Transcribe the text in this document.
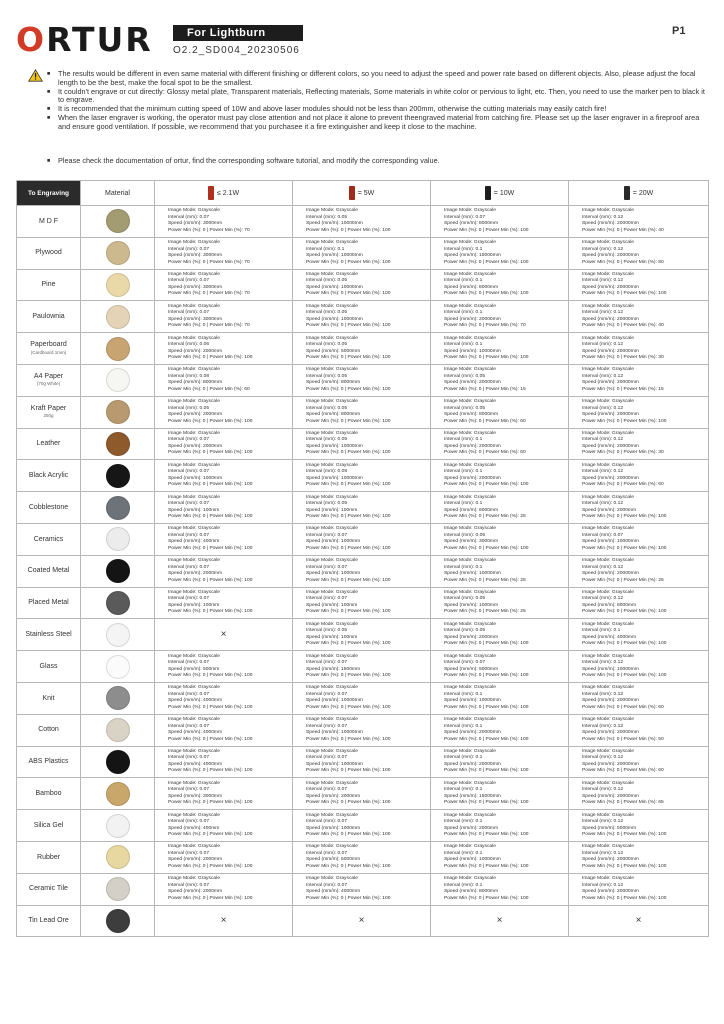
ORTUR	For Lightburn
O2.2_SD004_20230506
P1
■ The results would be different in even same material with different finishing or different colors, so you need to adjust the speed and power rate based on different objects. Also, please adjust the focal length to be the best, make the focal spot to be the smallest.
■ It couldn't engrave or cut directly: Glossy metal plate, Transparent materials, Reflecting materials, Some materials in white color or pervious to light, etc. Then, you need to use the marker pen to black it to engrave.
■ It is recommended that the minimum cutting speed of 10W and above laser modules should not be less than 200mm, otherwise the cutting materials may easily catch fire!
■ When the laser engraver is working, the operator must pay close attention and not place it alone to prevent theengraved material from catching fire. Please set up the laser engraver in a fireproof area and ensure good ventilation. If possible, we recommend that you purchasee it a fire extinguisher and keep it close to the machine.
■ Please check the documentation of ortur, find the corresponding software tutorial, and modify the corresponding value.
To Engraving	Material	≤ 2.1W	= 5W	= 10W	= 20W

M D F		Image Mode: Grayscale
Interval (mm): 0.07
Speed (mm/m): 3000mm
Power Min (%): 0 | Power Min (%): 70	Image Mode: Grayscale
Interval (mm): 0.05
Speed (mm/m): 10000mm
Power Min (%): 0 | Power Min (%): 100	Image Mode: Grayscale
Interval (mm): 0.07
Speed (mm/m): 8000mm
Power Min (%): 0 | Power Min (%): 100	Image Mode: Grayscale
Interval (mm): 0.12
Speed (mm/m): 20000mm
Power Min (%): 0 | Power Min (%): 40

Plywood		Image Mode: Grayscale
Interval (mm): 0.07
Speed (mm/m): 3000mm
Power Min (%): 0 | Power Min (%): 70	Image Mode: Grayscale
Interval (mm): 0.1
Speed (mm/m): 10000mm
Power Min (%): 0 | Power Min (%): 100	Image Mode: Grayscale
Interval (mm): 0.1
Speed (mm/m): 15000mm
Power Min (%): 0 | Power Min (%): 100	Image Mode: Grayscale
Interval (mm): 0.12
Speed (mm/m): 20000mm
Power Min (%): 0 | Power Min (%): 80

Pine		Image Mode: Grayscale
Interval (mm): 0.07
Speed (mm/m): 3000mm
Power Min (%): 0 | Power Min (%): 70	Image Mode: Grayscale
Interval (mm): 0.05
Speed (mm/m): 10000mm
Power Min (%): 0 | Power Min (%): 100	Image Mode: Grayscale
Interval (mm): 0.1
Speed (mm/m): 8000mm
Power Min (%): 0 | Power Min (%): 100	Image Mode: Grayscale
Interval (mm): 0.12
Speed (mm/m): 20000mm
Power Min (%): 0 | Power Min (%): 100

Paulownia		Image Mode: Grayscale
Interval (mm): 0.07
Speed (mm/m): 3000mm
Power Min (%): 0 | Power Min (%): 70	Image Mode: Grayscale
Interval (mm): 0.05
Speed (mm/m): 10000mm
Power Min (%): 0 | Power Min (%): 100	Image Mode: Grayscale
Interval (mm): 0.1
Speed (mm/m): 20000mm
Power Min (%): 0 | Power Min (%): 70	Image Mode: Grayscale
Interval (mm): 0.12
Speed (mm/m): 20000mm
Power Min (%): 0 | Power Min (%): 40

Paperboard
(Cardboard 1mm)		Image Mode: Grayscale
Interval (mm): 0.06
Speed (mm/m): 2000mm
Power Min (%): 0 | Power Min (%): 100	Image Mode: Grayscale
Interval (mm): 0.05
Speed (mm/m): 5000mm
Power Min (%): 0 | Power Min (%): 100	Image Mode: Grayscale
Interval (mm): 0.1
Speed (mm/m): 10000mm
Power Min (%): 0 | Power Min (%): 100	Image Mode: Grayscale
Interval (mm): 0.12
Speed (mm/m): 20000mm
Power Min (%): 0 | Power Min (%): 30

A4 Paper
(70g White)		Image Mode: Grayscale
Interval (mm): 0.08
Speed (mm/m): 8000mm
Power Min (%): 0 | Power Min (%): 60	Image Mode: Grayscale
Interval (mm): 0.05
Speed (mm/m): 8000mm
Power Min (%): 0 | Power Min (%): 100	Image Mode: Grayscale
Interval (mm): 0.05
Speed (mm/m): 20000mm
Power Min (%): 0 | Power Min (%): 15	Image Mode: Grayscale
Interval (mm): 0.12
Speed (mm/m): 20000mm
Power Min (%): 0 | Power Min (%): 15

Kraft Paper
250g		Image Mode: Grayscale
Interval (mm): 0.05
Speed (mm/m): 2000mm
Power Min (%): 0 | Power Min (%): 100	Image Mode: Grayscale
Interval (mm): 0.05
Speed (mm/m): 8000mm
Power Min (%): 0 | Power Min (%): 100	Image Mode: Grayscale
Interval (mm): 0.05
Speed (mm/m): 8000mm
Power Min (%): 0 | Power Min (%): 60	Image Mode: Grayscale
Interval (mm): 0.12
Speed (mm/m): 20000mm
Power Min (%): 0 | Power Min (%): 100

Leather		Image Mode: Grayscale
Interval (mm): 0.07
Speed (mm/m): 2000mm
Power Min (%): 0 | Power Min (%): 100	Image Mode: Grayscale
Interval (mm): 0.05
Speed (mm/m): 10000mm
Power Min (%): 0 | Power Min (%): 100	Image Mode: Grayscale
Interval (mm): 0.1
Speed (mm/m): 20000mm
Power Min (%): 0 | Power Min (%): 60	Image Mode: Grayscale
Interval (mm): 0.12
Speed (mm/m): 20000mm
Power Min (%): 0 | Power Min (%): 30

Black Acrylic		Image Mode: Grayscale
Interval (mm): 0.07
Speed (mm/m): 1000mm
Power Min (%): 0 | Power Min (%): 100	Image Mode: Grayscale
Interval (mm): 0.08
Speed (mm/m): 10000mm
Power Min (%): 0 | Power Min (%): 100	Image Mode: Grayscale
Interval (mm): 0.1
Speed (mm/m): 20000mm
Power Min (%): 0 | Power Min (%): 100	Image Mode: Grayscale
Interval (mm): 0.12
Speed (mm/m): 20000mm
Power Min (%): 0 | Power Min (%): 60

Cobblestone		Image Mode: Grayscale
Interval (mm): 0.07
Speed (mm/m): 100mm
Power Min (%): 0 | Power Min (%): 100	Image Mode: Grayscale
Interval (mm): 0.05
Speed (mm/m): 100mm
Power Min (%): 0 | Power Min (%): 100	Image Mode: Grayscale
Interval (mm): 0.1
Speed (mm/m): 6000mm
Power Min (%): 0 | Power Min (%): 25	Image Mode: Grayscale
Interval (mm): 0.12
Speed (mm/m): 2000mm
Power Min (%): 0 | Power Min (%): 100

Ceramics		Image Mode: Grayscale
Interval (mm): 0.07
Speed (mm/m): 400mm
Power Min (%): 0 | Power Min (%): 100	Image Mode: Grayscale
Interval (mm): 0.07
Speed (mm/m): 1000mm
Power Min (%): 0 | Power Min (%): 100	Image Mode: Grayscale
Interval (mm): 0.05
Speed (mm/m): 3000mm
Power Min (%): 0 | Power Min (%): 100	Image Mode: Grayscale
Interval (mm): 0.07
Speed (mm/m): 10000mm
Power Min (%): 0 | Power Min (%): 100

Coated Metal		Image Mode: Grayscale
Interval (mm): 0.07
Speed (mm/m): 2000mm
Power Min (%): 0 | Power Min (%): 100	Image Mode: Grayscale
Interval (mm): 0.07
Speed (mm/m): 1000mm
Power Min (%): 0 | Power Min (%): 100	Image Mode: Grayscale
Interval (mm): 0.1
Speed (mm/m): 10000mm
Power Min (%): 0 | Power Min (%): 25	Image Mode: Grayscale
Interval (mm): 0.12
Speed (mm/m): 20000mm
Power Min (%): 0 | Power Min (%): 25

Placed Metal		Image Mode: Grayscale
Interval (mm): 0.07
Speed (mm/m): 100mm
Power Min (%): 0 | Power Min (%): 100	Image Mode: Grayscale
Interval (mm): 0.07
Speed (mm/m): 100mm
Power Min (%): 0 | Power Min (%): 100	Image Mode: Grayscale
Interval (mm): 0.05
Speed (mm/m): 1000mm
Power Min (%): 0 | Power Min (%): 25	Image Mode: Grayscale
Interval (mm): 0.12
Speed (mm/m): 8000mm
Power Min (%): 0 | Power Min (%): 100

Stainless Steel		×	Image Mode: Grayscale
Interval (mm): 0.05
Speed (mm/m): 100mm
Power Min (%): 0 | Power Min (%): 100	Image Mode: Grayscale
Interval (mm): 0.05
Speed (mm/m): 2000mm
Power Min (%): 0 | Power Min (%): 100	Image Mode: Grayscale
Interval (mm): 0.1
Speed (mm/m): 4000mm
Power Min (%): 0 | Power Min (%): 100

Glass		Image Mode: Grayscale
Interval (mm): 0.07
Speed (mm/m): 500mm
Power Min (%): 0 | Power Min (%): 100	Image Mode: Grayscale
Interval (mm): 0.07
Speed (mm/m): 1500mm
Power Min (%): 0 | Power Min (%): 100	Image Mode: Grayscale
Interval (mm): 0.07
Speed (mm/m): 5000mm
Power Min (%): 0 | Power Min (%): 100	Image Mode: Grayscale
Interval (mm): 0.12
Speed (mm/m): 10000mm
Power Min (%): 0 | Power Min (%): 100

Knit		Image Mode: Grayscale
Interval (mm): 0.07
Speed (mm/m): 4000mm
Power Min (%): 0 | Power Min (%): 100	Image Mode: Grayscale
Interval (mm): 0.07
Speed (mm/m): 10000mm
Power Min (%): 0 | Power Min (%): 100	Image Mode: Grayscale
Interval (mm): 0.1
Speed (mm/m): 10000mm
Power Min (%): 0 | Power Min (%): 100	Image Mode: Grayscale
Interval (mm): 0.12
Speed (mm/m): 20000mm
Power Min (%): 0 | Power Min (%): 60

Cotton		Image Mode: Grayscale
Interval (mm): 0.07
Speed (mm/m): 4000mm
Power Min (%): 0 | Power Min (%): 100	Image Mode: Grayscale
Interval (mm): 0.07
Speed (mm/m): 10000mm
Power Min (%): 0 | Power Min (%): 100	Image Mode: Grayscale
Interval (mm): 0.1
Speed (mm/m): 20000mm
Power Min (%): 0 | Power Min (%): 100	Image Mode: Grayscale
Interval (mm): 0.12
Speed (mm/m): 20000mm
Power Min (%): 0 | Power Min (%): 50

ABS Plastics		Image Mode: Grayscale
Interval (mm): 0.07
Speed (mm/m): 4000mm
Power Min (%): 0 | Power Min (%): 100	Image Mode: Grayscale
Interval (mm): 0.07
Speed (mm/m): 10000mm
Power Min (%): 0 | Power Min (%): 100	Image Mode: Grayscale
Interval (mm): 0.1
Speed (mm/m): 20000mm
Power Min (%): 0 | Power Min (%): 100	Image Mode: Grayscale
Interval (mm): 0.12
Speed (mm/m): 20000mm
Power Min (%): 0 | Power Min (%): 60

Bamboo		Image Mode: Grayscale
Interval (mm): 0.07
Speed (mm/m): 3000mm
Power Min (%): 0 | Power Min (%): 100	Image Mode: Grayscale
Interval (mm): 0.07
Speed (mm/m): 2000mm
Power Min (%): 0 | Power Min (%): 100	Image Mode: Grayscale
Interval (mm): 0.1
Speed (mm/m): 15000mm
Power Min (%): 0 | Power Min (%): 100	Image Mode: Grayscale
Interval (mm): 0.12
Speed (mm/m): 20000mm
Power Min (%): 0 | Power Min (%): 65

Silica Gel		Image Mode: Grayscale
Interval (mm): 0.07
Speed (mm/m): 400mm
Power Min (%): 0 | Power Min (%): 100	Image Mode: Grayscale
Interval (mm): 0.07
Speed (mm/m): 1000mm
Power Min (%): 0 | Power Min (%): 100	Image Mode: Grayscale
Interval (mm): 0.1
Speed (mm/m): 2000mm
Power Min (%): 0 | Power Min (%): 100	Image Mode: Grayscale
Interval (mm): 0.12
Speed (mm/m): 5000mm
Power Min (%): 0 | Power Min (%): 100

Rubber		Image Mode: Grayscale
Interval (mm): 0.07
Speed (mm/m): 2000mm
Power Min (%): 0 | Power Min (%): 100	Image Mode: Grayscale
Interval (mm): 0.07
Speed (mm/m): 5000mm
Power Min (%): 0 | Power Min (%): 100	Image Mode: Grayscale
Interval (mm): 0.1
Speed (mm/m): 10000mm
Power Min (%): 0 | Power Min (%): 100	Image Mode: Grayscale
Interval (mm): 0.12
Speed (mm/m): 20000mm
Power Min (%): 0 | Power Min (%): 100

Ceramic Tile		Image Mode: Grayscale
Interval (mm): 0.07
Speed (mm/m): 2000mm
Power Min (%): 0 | Power Min (%): 100	Image Mode: Grayscale
Interval (mm): 0.07
Speed (mm/m): 4000mm
Power Min (%): 0 | Power Min (%): 100	Image Mode: Grayscale
Interval (mm): 0.1
Speed (mm/m): 8000mm
Power Min (%): 0 | Power Min (%): 100	Image Mode: Grayscale
Interval (mm): 0.12
Speed (mm/m): 20000mm
Power Min (%): 0 | Power Min (%): 100

Tin Lead Ore		×	×	×	×
